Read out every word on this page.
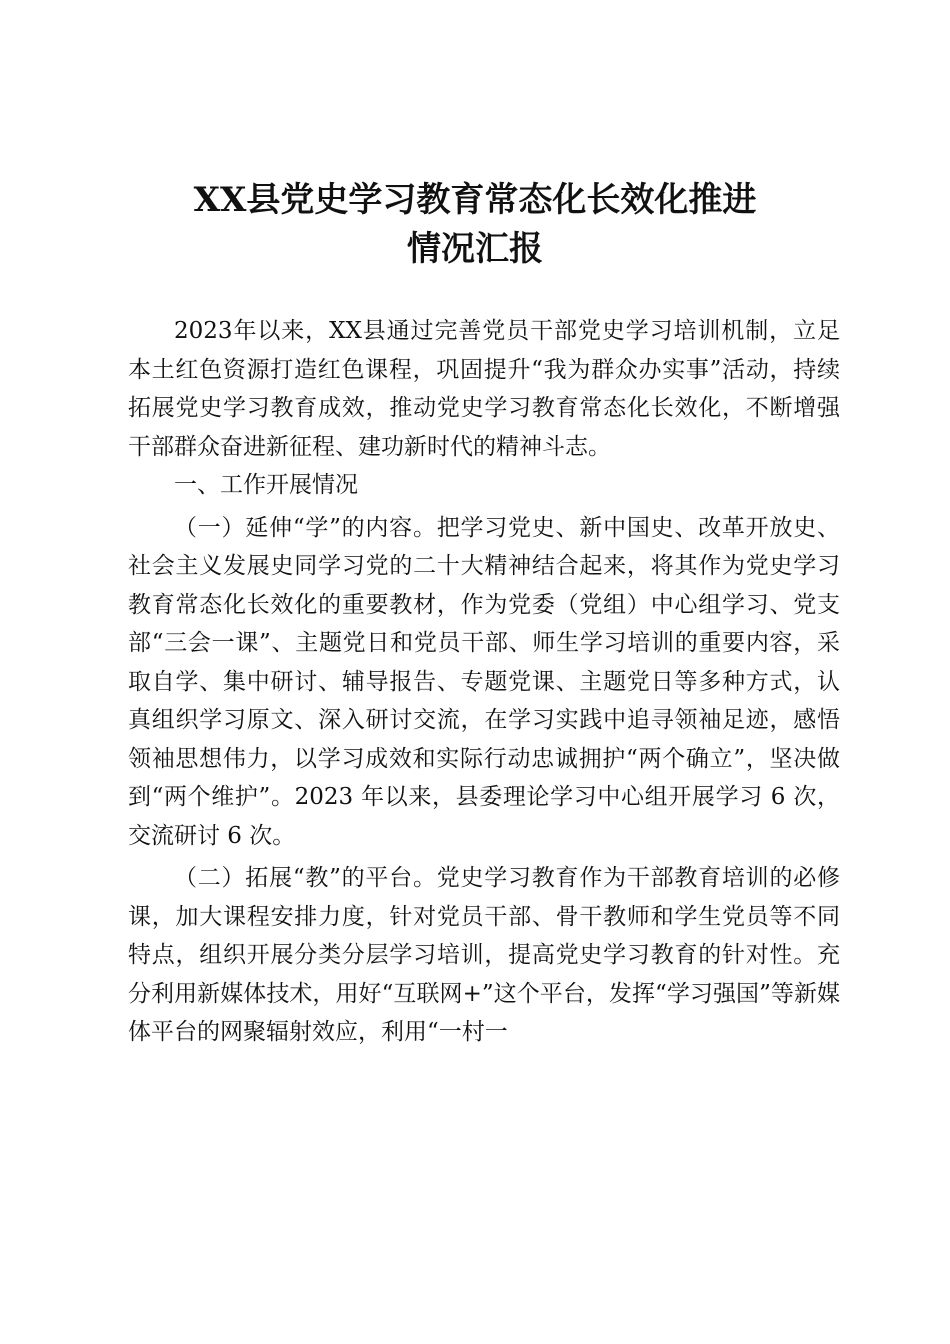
XX县党史学习教育常态化长效化推进
情况汇报

2023年以来，XX县通过完善党员干部党史学习培训机制，立足本土红色资源打造红色课程，巩固提升“我为群众办实事”活动，持续拓展党史学习教育成效，推动党史学习教育常态化长效化，不断增强干部群众奋进新征程、建功新时代的精神斗志。

一、工作开展情况

（一）延伸“学”的内容。把学习党史、新中国史、改革开放史、社会主义发展史同学习党的二十大精神结合起来，将其作为党史学习教育常态化长效化的重要教材，作为党委（党组）中心组学习、党支部“三会一课”、主题党日和党员干部、师生学习培训的重要内容，采取自学、集中研讨、辅导报告、专题党课、主题党日等多种方式，认真组织学习原文、深入研讨交流，在学习实践中追寻领袖足迹，感悟领袖思想伟力，以学习成效和实际行动忠诚拥护“两个确立”，坚决做到“两个维护”。2023 年以来，县委理论学习中心组开展学习 6 次，交流研讨 6 次。

（二）拓展“教”的平台。党史学习教育作为干部教育培训的必修课，加大课程安排力度，针对党员干部、骨干教师和学生党员等不同特点，组织开展分类分层学习培训，提高党史学习教育的针对性。充分利用新媒体技术，用好“互联网+”这个平台，发挥“学习强国”等新媒体平台的网聚辐射效应，利用“一村一
